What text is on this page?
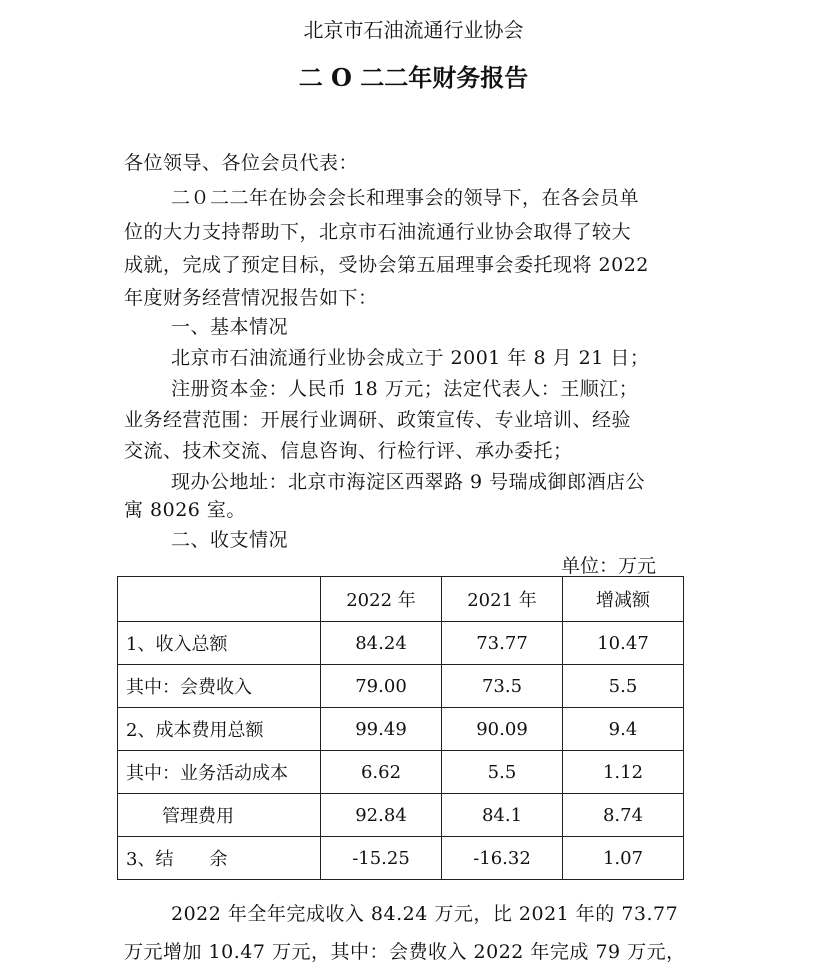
北京市石油流通行业协会
二 O 二二年财务报告
各位领导、各位会员代表：
二０二二年在协会会长和理事会的领导下，在各会员单
位的大力支持帮助下，北京市石油流通行业协会取得了较大
成就，完成了预定目标，受协会第五届理事会委托现将 2022
年度财务经营情况报告如下：
一、基本情况
北京市石油流通行业协会成立于 2001 年 8 月 21 日；
注册资本金：人民币 18 万元；法定代表人：王顺江；
业务经营范围：开展行业调研、政策宣传、专业培训、经验
交流、技术交流、信息咨询、行检行评、承办委托；
现办公地址：北京市海淀区西翠路 9 号瑞成御郎酒店公
寓 8026 室。
二、收支情况
单位：万元
	2022 年	2021 年	增减额
1、收入总额	84.24	73.77	10.47
其中：会费收入	79.00	73.5	5.5
2、成本费用总额	99.49	90.09	9.4
其中：业务活动成本	6.62	5.5	1.12
　　管理费用	92.84	84.1	8.74
3、结　　余	-15.25	-16.32	1.07
2022 年全年完成收入 84.24 万元，比 2021 年的 73.77
万元增加 10.47 万元，其中：会费收入 2022 年完成 79 万元，
